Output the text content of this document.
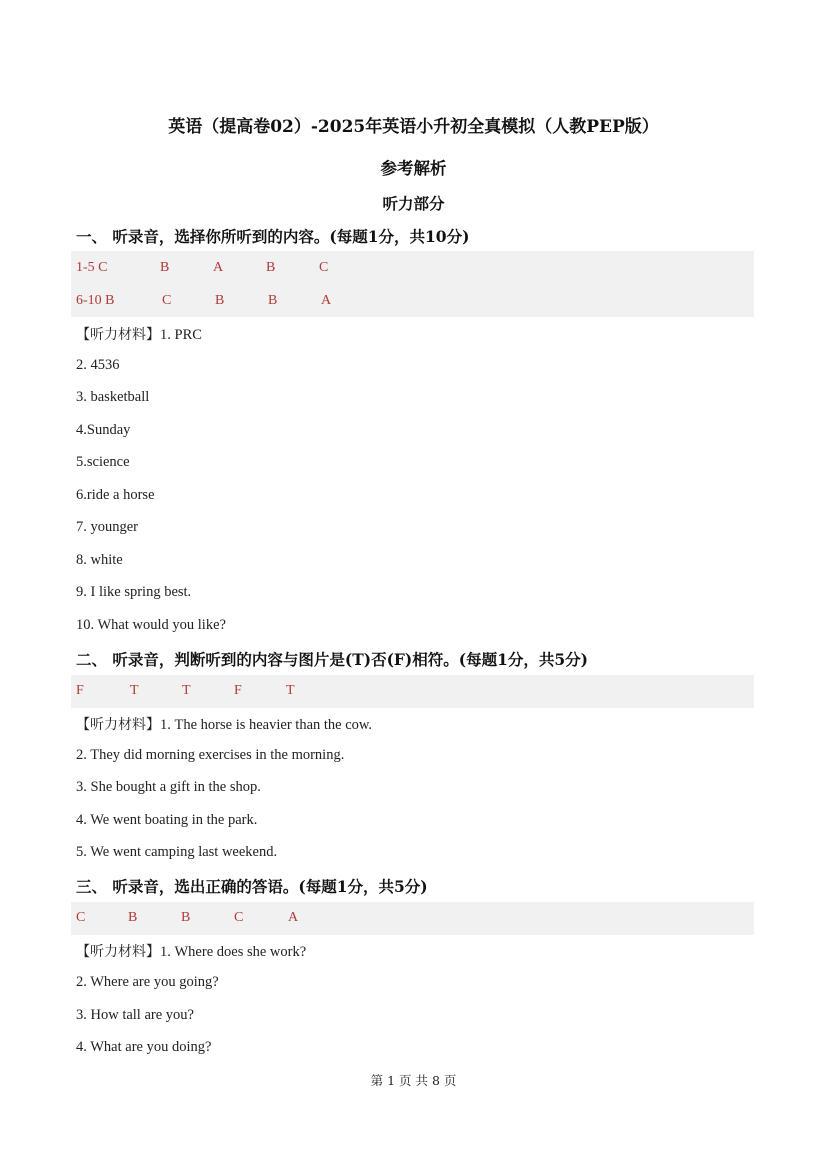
英语（提高卷02）-2025年英语小升初全真模拟（人教PEP版）
参考解析
听力部分
一、 听录音，选择你所听到的内容。(每题1分，共10分)
1-5 C	B	A	B	C
6-10 B	C	B	B	A
【听力材料】1. PRC
2. 4536
3. basketball
4.Sunday
5.science
6.ride a horse
7. younger
8. white
9. I like spring best.
10. What would you like?
二、 听录音，判断听到的内容与图片是(T)否(F)相符。(每题1分，共5分)
F	T	T	F	T
【听力材料】1. The horse is heavier than the cow.
2. They did morning exercises in the morning.
3. She bought a gift in the shop.
4. We went boating in the park.
5. We went camping last weekend.
三、 听录音，选出正确的答语。(每题1分，共5分)
C	B	B	C	A
【听力材料】1. Where does she work?
2. Where are you going?
3. How tall are you?
4. What are you doing?
第 1 页 共 8 页
